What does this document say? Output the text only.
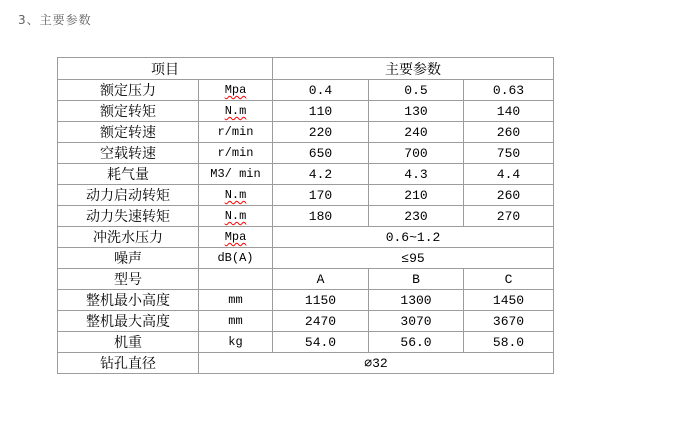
3、主要参数
项目		主要参数		
额定压力	Mpa	0.4	0.5	0.63
额定转矩	N.m	110	130	140
额定转速	r/min	220	240	260
空载转速	r/min	650	700	750
耗气量	M3/ min	4.2	4.3	4.4
动力启动转矩	N.m	170	210	260
动力失速转矩	N.m	180	230	270
冲洗水压力	Mpa	0.6~1.2		
噪声	dB(A)	≤95		
型号		A	B	C
整机最小高度	mm	1150	1300	1450
整机最大高度	mm	2470	3070	3670
机重	kg	54.0	56.0	58.0
钻孔直径	∅32			
